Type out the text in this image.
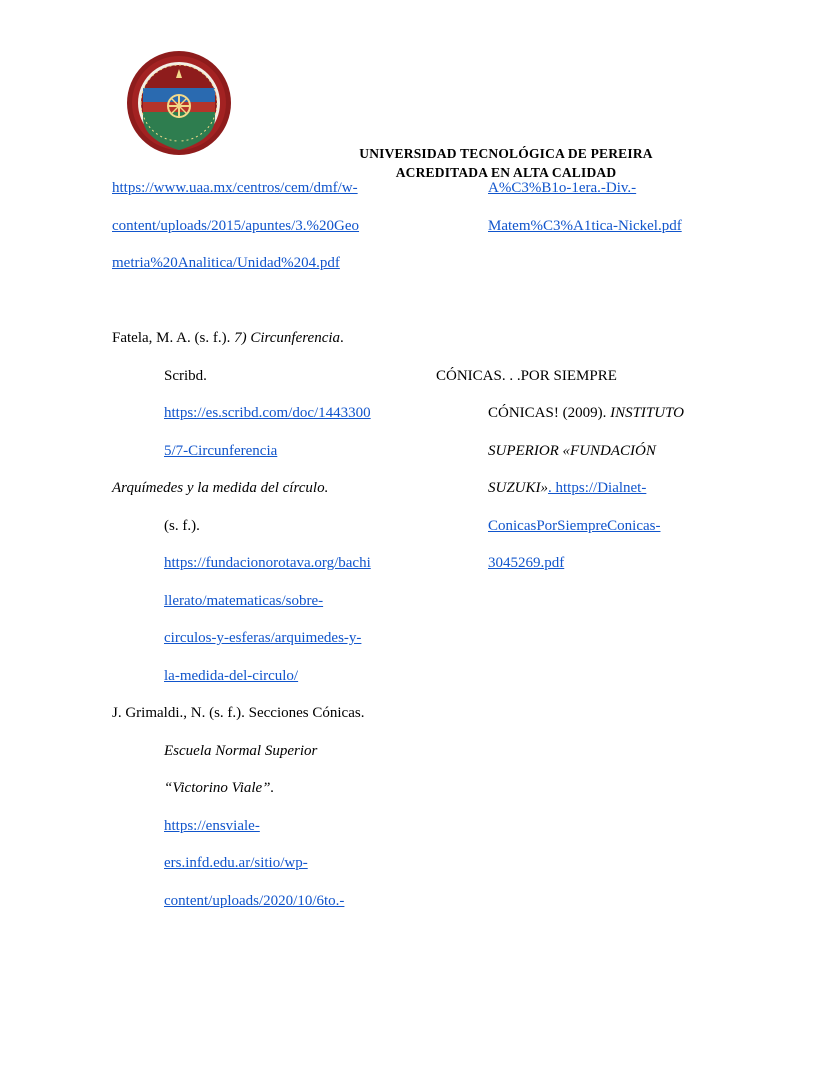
UNIVERSIDAD TECNOLÓGICA DE PEREIRA
ACREDITADA EN ALTA CALIDAD
https://www.uaa.mx/centros/cem/dmf/w-
content/uploads/2015/apuntes/3.%20Geo
metria%20Analitica/Unidad%204.pdf
Fatela, M. A. (s. f.). 7) Circunferencia.
Scribd.
https://es.scribd.com/doc/1443300
5/7-Circunferencia
Arquímedes y la medida del círculo.
(s. f.).
https://fundacionorotava.org/bachi
llerato/matematicas/sobre-
circulos-y-esferas/arquimedes-y-
la-medida-del-circulo/
J. Grimaldi., N. (s. f.). Secciones Cónicas.
Escuela Normal Superior
“Victorino Viale”.
https://ensviale-
ers.infd.edu.ar/sitio/wp-
content/uploads/2020/10/6to.-
A%C3%B1o-1era.-Div.-
Matem%C3%A1tica-Nickel.pdf
CÓNICAS. . .POR SIEMPRE
CÓNICAS! (2009). INSTITUTO
SUPERIOR «FUNDACIÓN
SUZUKI». https://Dialnet-
ConicasPorSiempreConicas-
3045269.pdf
